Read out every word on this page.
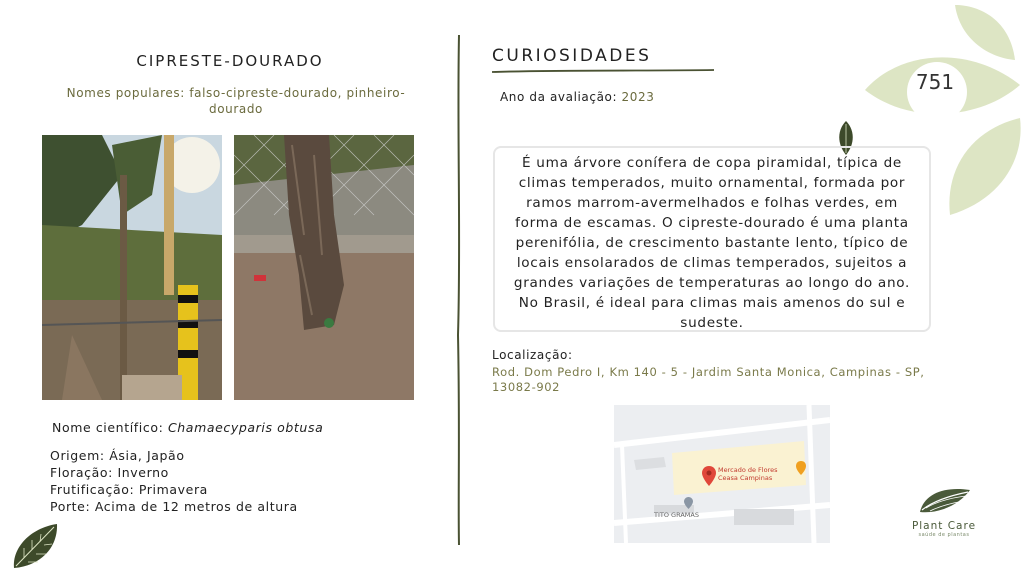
751
CIPRESTE-DOURADO
Nomes populares: falso-cipreste-dourado, pinheiro-dourado
Nome científico: Chamaecyparis obtusa
Origem: Ásia, Japão
Floração: Inverno
Frutificação: Primavera
Porte: Acima de 12 metros de altura
CURIOSIDADES
Ano da avaliação: 2023
É uma árvore conífera de copa piramidal, típica de climas temperados, muito ornamental, formada por ramos marrom-avermelhados e folhas verdes, em forma de escamas. O cipreste-dourado é uma planta perenifólia, de crescimento bastante lento, típico de locais ensolarados de climas temperados, sujeitos a grandes variações de temperaturas ao longo do ano. No Brasil, é ideal para climas mais amenos do sul e sudeste.
Localização:
Rod. Dom Pedro I, Km 140 - 5 - Jardim Santa Monica, Campinas - SP, 13082-902
Mercado de Flores
Ceasa Campinas
TITO GRAMAS
Plant Care
saúde de plantas
